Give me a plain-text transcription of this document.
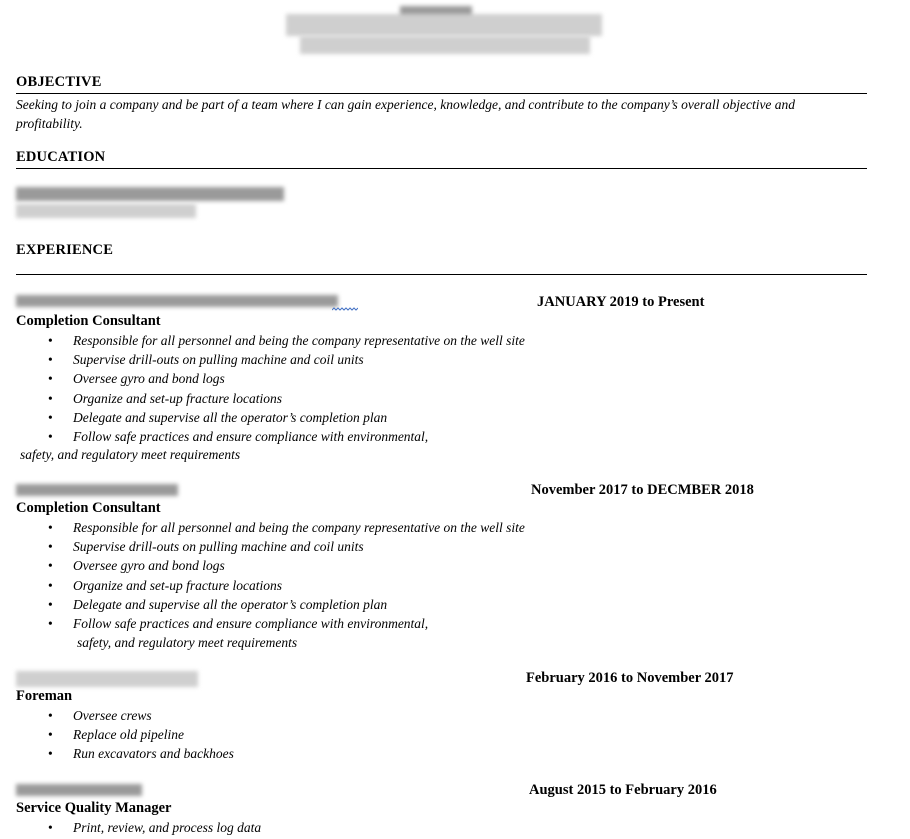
OBJECTIVE
Seeking to join a company and be part of a team where I can gain experience, knowledge, and contribute to the company’s overall objective and profitability.
EDUCATION
EXPERIENCE
JANUARY 2019 to Present
Completion Consultant
• Responsible for all personnel and being the company representative on the well site
• Supervise drill-outs on pulling machine and coil units
• Oversee gyro and bond logs
• Organize and set-up fracture locations
• Delegate and supervise all the operator’s completion plan
• Follow safe practices and ensure compliance with environmental,
safety, and regulatory meet requirements
November 2017 to DECMBER 2018
Completion Consultant
• Responsible for all personnel and being the company representative on the well site
• Supervise drill-outs on pulling machine and coil units
• Oversee gyro and bond logs
• Organize and set-up fracture locations
• Delegate and supervise all the operator’s completion plan
• Follow safe practices and ensure compliance with environmental,
safety, and regulatory meet requirements
February 2016 to November 2017
Foreman
• Oversee crews
• Replace old pipeline
• Run excavators and backhoes
August 2015 to February 2016
Service Quality Manager
• Print, review, and process log data
